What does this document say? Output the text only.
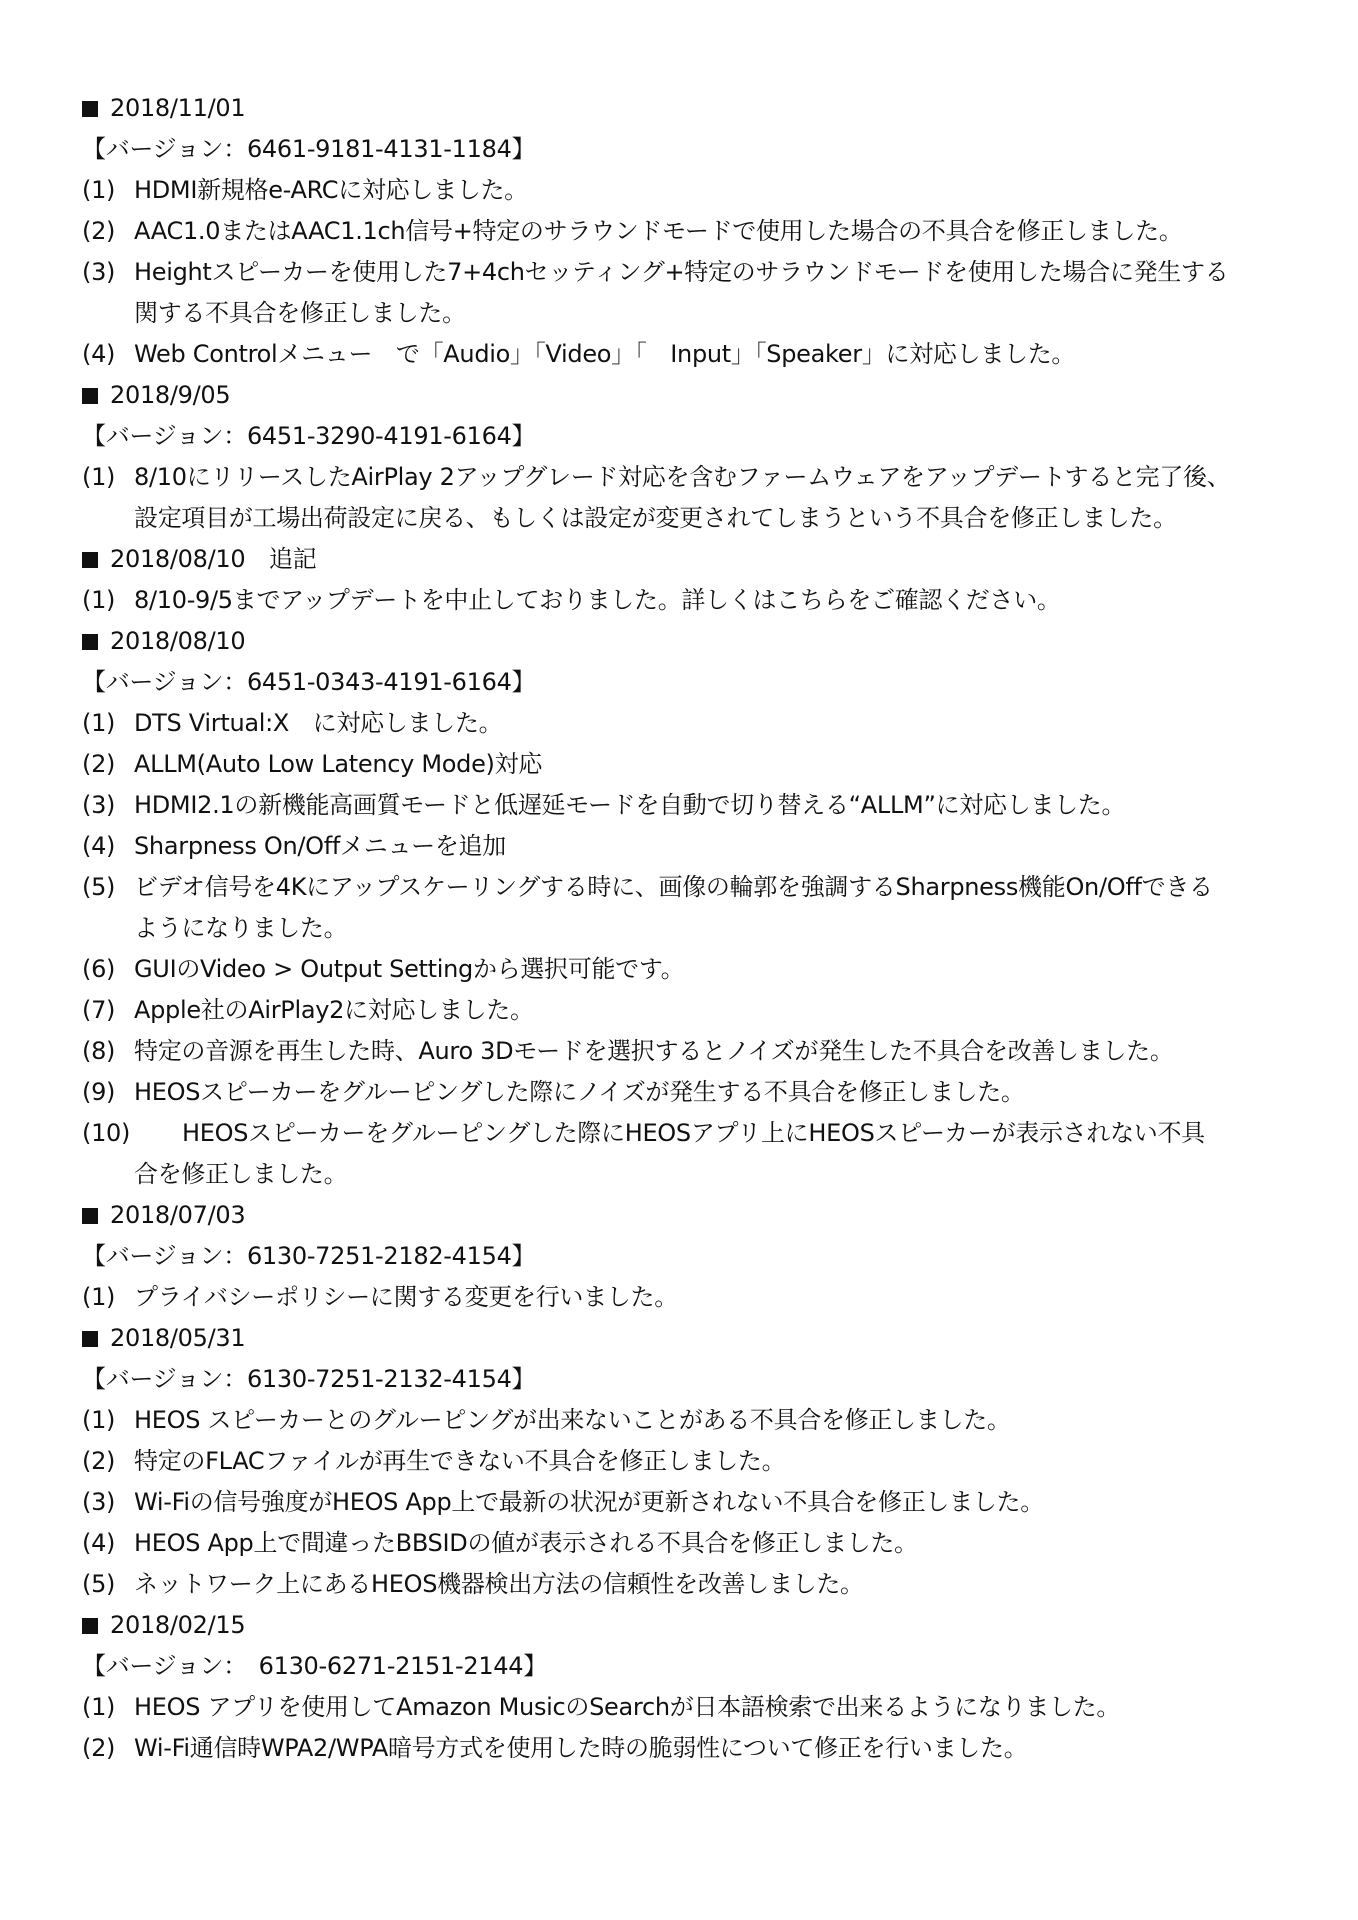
2018/11/01
【バージョン：6461-9181-4131-1184】
(1) HDMI新規格e-ARCに対応しました。
(2) AAC1.0またはAAC1.1ch信号+特定のサラウンドモードで使用した場合の不具合を修正しました。
(3) Heightスピーカーを使用した7+4chセッティング+特定のサラウンドモードを使用した場合に発生する
関する不具合を修正しました。
(4) Web Controlメニュー　で「Audio」「Video」「　Input」「Speaker」に対応しました。
2018/9/05
【バージョン：6451-3290-4191-6164】
(1) 8/10にリリースしたAirPlay 2アップグレード対応を含むファームウェアをアップデートすると完了後、
設定項目が工場出荷設定に戻る、もしくは設定が変更されてしまうという不具合を修正しました。
2018/08/10　追記
(1) 8/10-9/5までアップデートを中止しておりました。詳しくはこちらをご確認ください。
2018/08/10
【バージョン：6451-0343-4191-6164】
(1) DTS Virtual:X　に対応しました。
(2) ALLM(Auto Low Latency Mode)対応
(3) HDMI2.1の新機能高画質モードと低遅延モードを自動で切り替える“ALLM”に対応しました。
(4) Sharpness On/Offメニューを追加
(5) ビデオ信号を4Kにアップスケーリングする時に、画像の輪郭を強調するSharpness機能On/Offできる
ようになりました。
(6) GUIのVideo > Output Settingから選択可能です。
(7) Apple社のAirPlay2に対応しました。
(8) 特定の音源を再生した時、Auro 3Dモードを選択するとノイズが発生した不具合を改善しました。
(9) HEOSスピーカーをグルーピングした際にノイズが発生する不具合を修正しました。
(10) HEOSスピーカーをグルーピングした際にHEOSアプリ上にHEOSスピーカーが表示されない不具
合を修正しました。
2018/07/03
【バージョン：6130-7251-2182-4154】
(1) プライバシーポリシーに関する変更を行いました。
2018/05/31
【バージョン：6130-7251-2132-4154】
(1) HEOS スピーカーとのグルーピングが出来ないことがある不具合を修正しました。
(2) 特定のFLACファイルが再生できない不具合を修正しました。
(3) Wi-Fiの信号強度がHEOS App上で最新の状況が更新されない不具合を修正しました。
(4) HEOS App上で間違ったBBSIDの値が表示される不具合を修正しました。
(5) ネットワーク上にあるHEOS機器検出方法の信頼性を改善しました。
2018/02/15
【バージョン：　6130-6271-2151-2144】
(1) HEOS アプリを使用してAmazon MusicのSearchが日本語検索で出来るようになりました。
(2) Wi-Fi通信時WPA2/WPA暗号方式を使用した時の脆弱性について修正を行いました。
